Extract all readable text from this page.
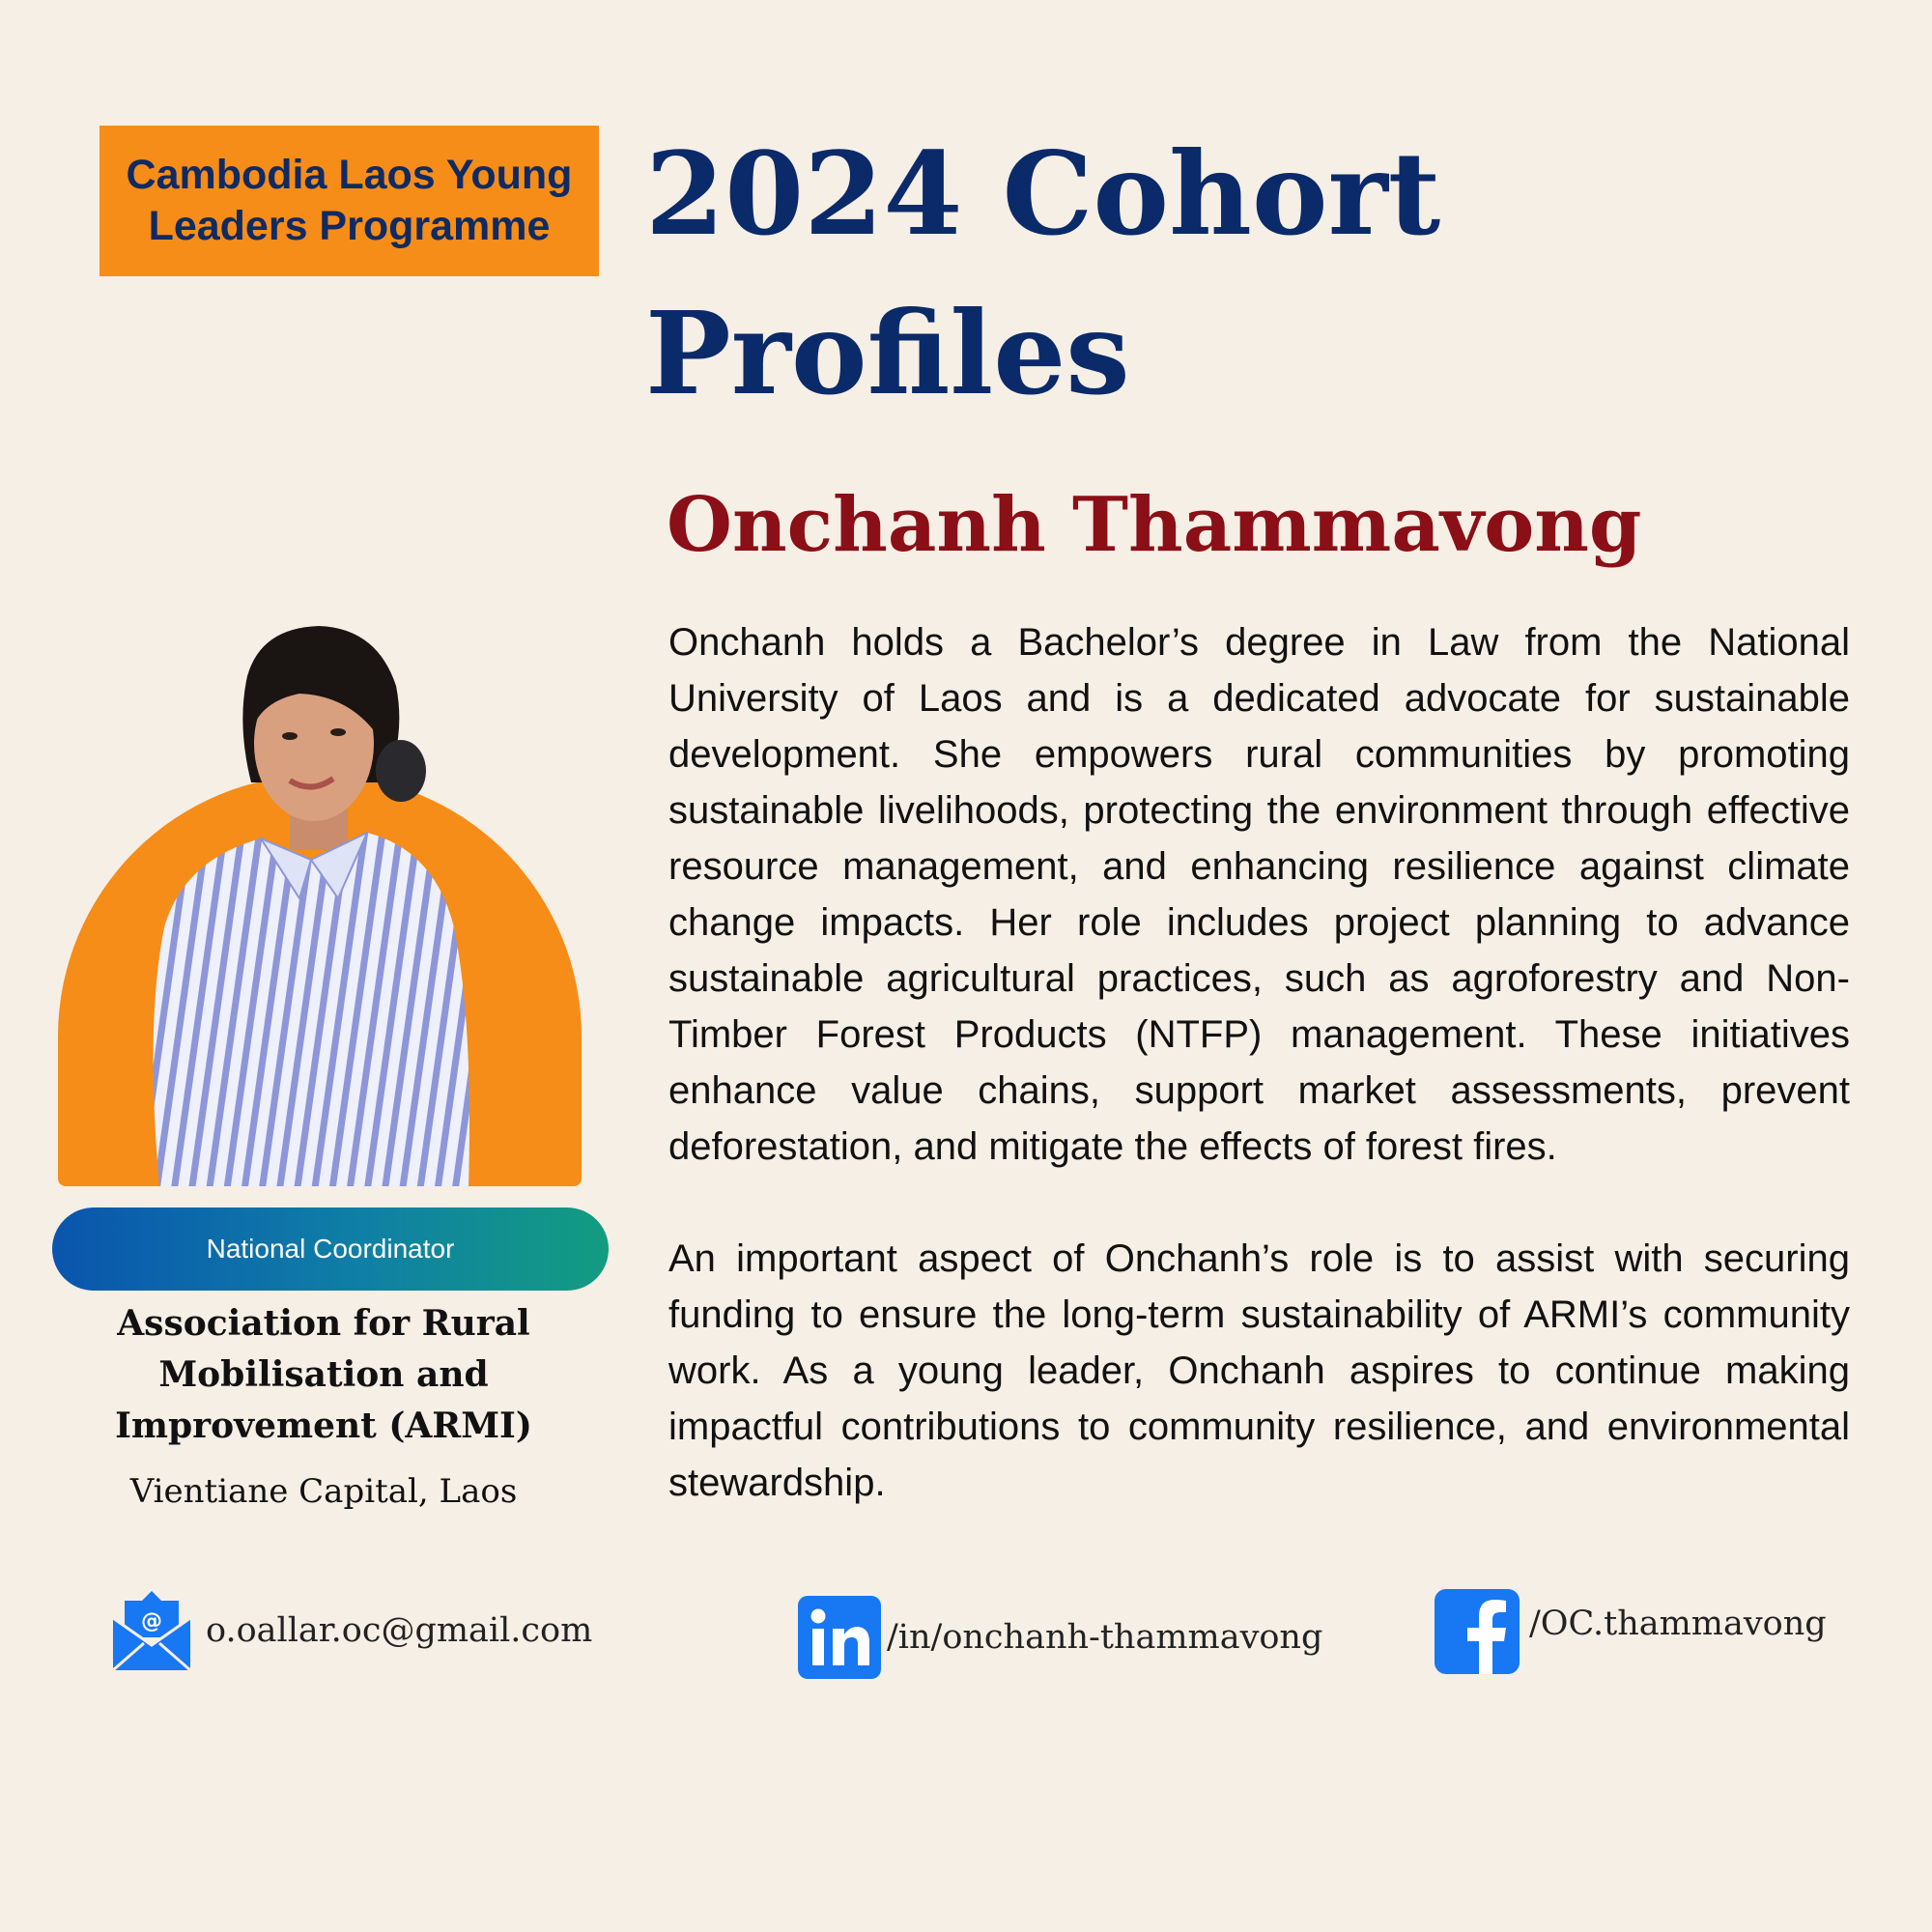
Cambodia Laos Young
Leaders Programme 2024 Cohort
Profiles
Onchanh Thammavong

Onchanh holds a Bachelor’s degree in Law from the National University of Laos and is a dedicated advocate for sustainable development. She empowers rural communities by promoting sustainable livelihoods, protecting the environment through effective resource management, and enhancing resilience against climate change impacts. Her role includes project planning to advance sustainable agricultural practices, such as agroforestry and Non-Timber Forest Products (NTFP) management. These initiatives enhance value chains, support market assessments, prevent deforestation, and mitigate the effects of forest fires.

An important aspect of Onchanh’s role is to assist with securing funding to ensure the long-term sustainability of ARMI’s community work. As a young leader, Onchanh aspires to continue making impactful contributions to community resilience, and environmental stewardship.

National Coordinator
Association for Rural
Mobilisation and
Improvement (ARMI)
Vientiane Capital, Laos
@ o.oallar.oc@gmail.com	/in/onchanh-thammavong	/OC.thammavong
